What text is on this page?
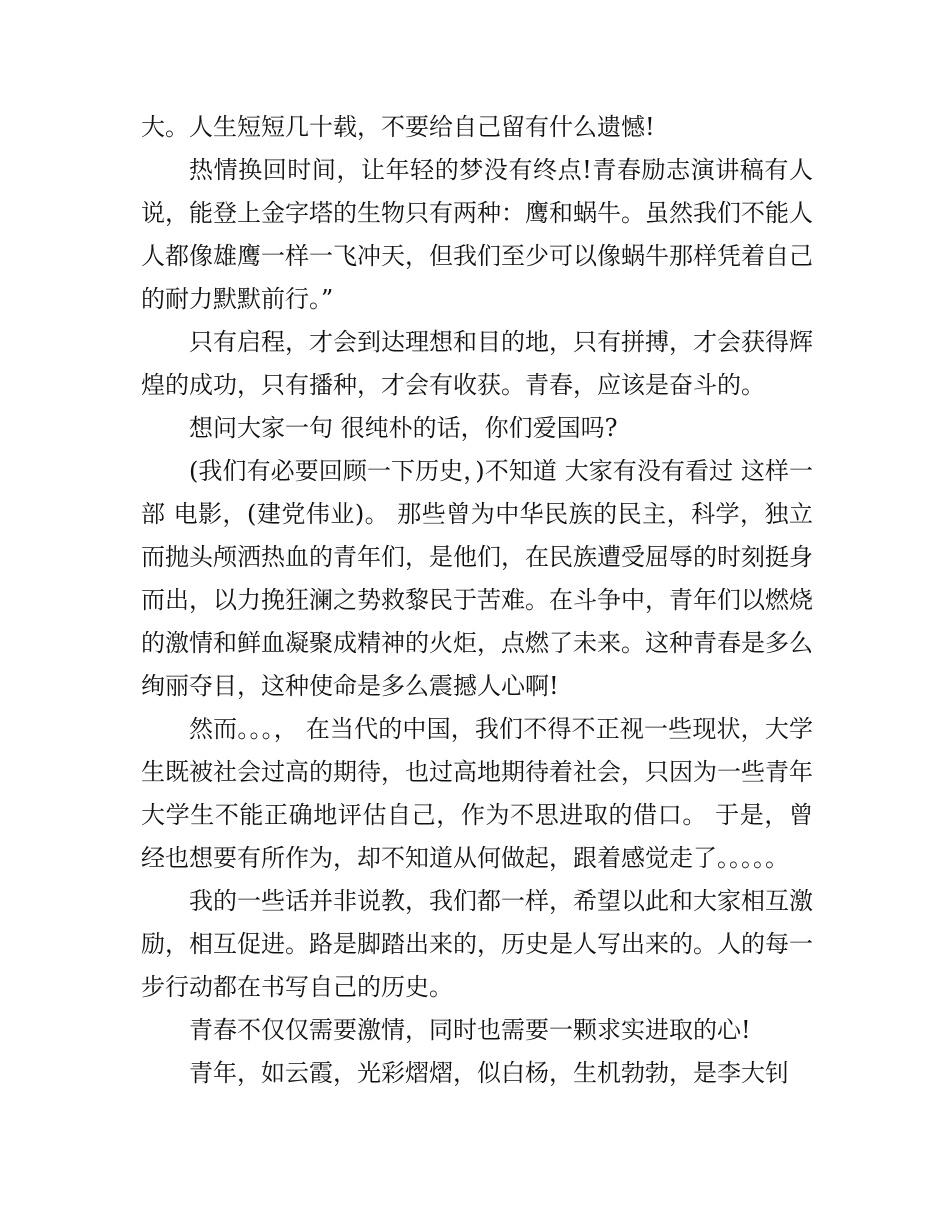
大。人生短短几十载，不要给自己留有什么遗憾!

热情换回时间，让年轻的梦没有终点!青春励志演讲稿有人说，能登上金字塔的生物只有两种：鹰和蜗牛。虽然我们不能人人都像雄鹰一样一飞冲天，但我们至少可以像蜗牛那样凭着自己的耐力默默前行。”

只有启程，才会到达理想和目的地，只有拼搏，才会获得辉煌的成功，只有播种，才会有收获。青春，应该是奋斗的。

想问大家一句 很纯朴的话，你们爱国吗?

(我们有必要回顾一下历史，)不知道 大家有没有看过 这样一部 电影，(建党伟业)。 那些曾为中华民族的民主，科学，独立而抛头颅洒热血的青年们，是他们，在民族遭受屈辱的时刻挺身而出，以力挽狂澜之势救黎民于苦难。在斗争中，青年们以燃烧的激情和鲜血凝聚成精神的火炬，点燃了未来。这种青春是多么绚丽夺目，这种使命是多么震撼人心啊!

然而。。。， 在当代的中国，我们不得不正视一些现状，大学生既被社会过高的期待，也过高地期待着社会，只因为一些青年大学生不能正确地评估自己，作为不思进取的借口。 于是，曾经也想要有所作为，却不知道从何做起，跟着感觉走了。。。。。

我的一些话并非说教，我们都一样，希望以此和大家相互激励，相互促进。路是脚踏出来的，历史是人写出来的。人的每一步行动都在书写自己的历史。

青春不仅仅需要激情，同时也需要一颗求实进取的心!

青年，如云霞，光彩熠熠，似白杨，生机勃勃，是李大钊
